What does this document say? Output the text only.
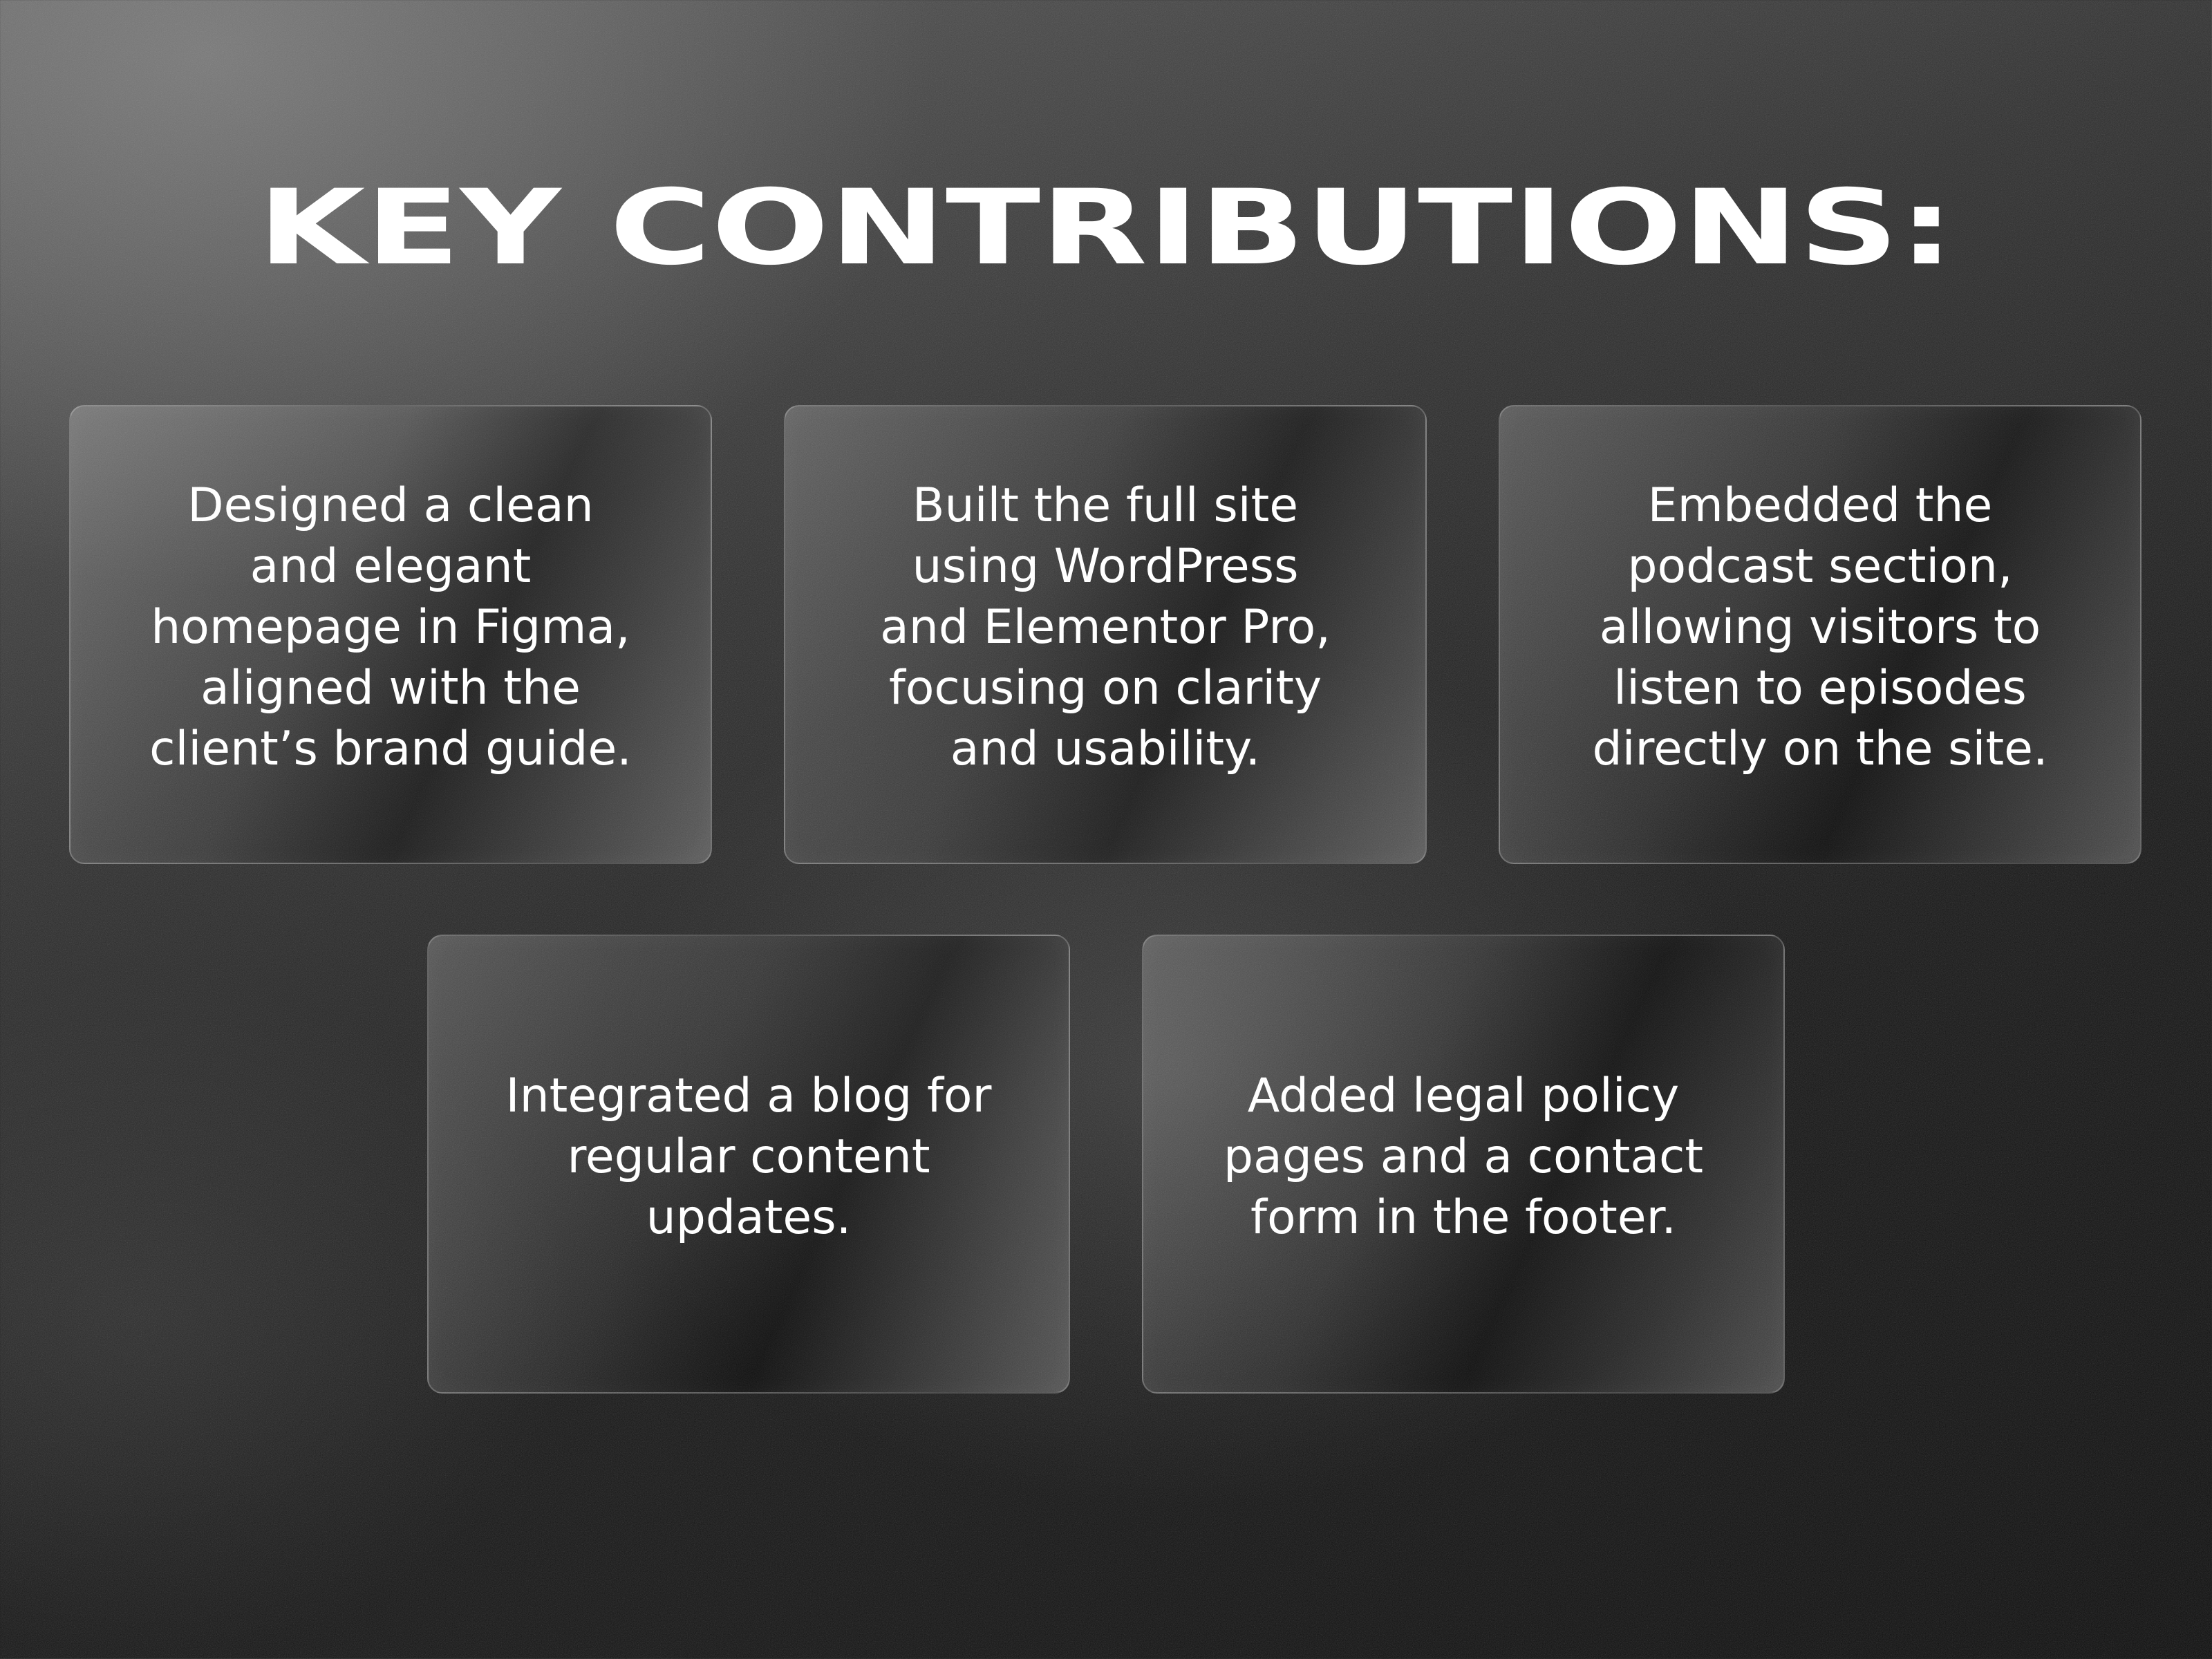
KEY CONTRIBUTIONS:

Designed a clean
and elegant
homepage in Figma,
aligned with the
client’s brand guide.

Built the full site
using WordPress
and Elementor Pro,
focusing on clarity
and usability.

Embedded the
podcast section,
allowing visitors to
listen to episodes
directly on the site.

Integrated a blog for
regular content
updates.

Added legal policy
pages and a contact
form in the footer.
